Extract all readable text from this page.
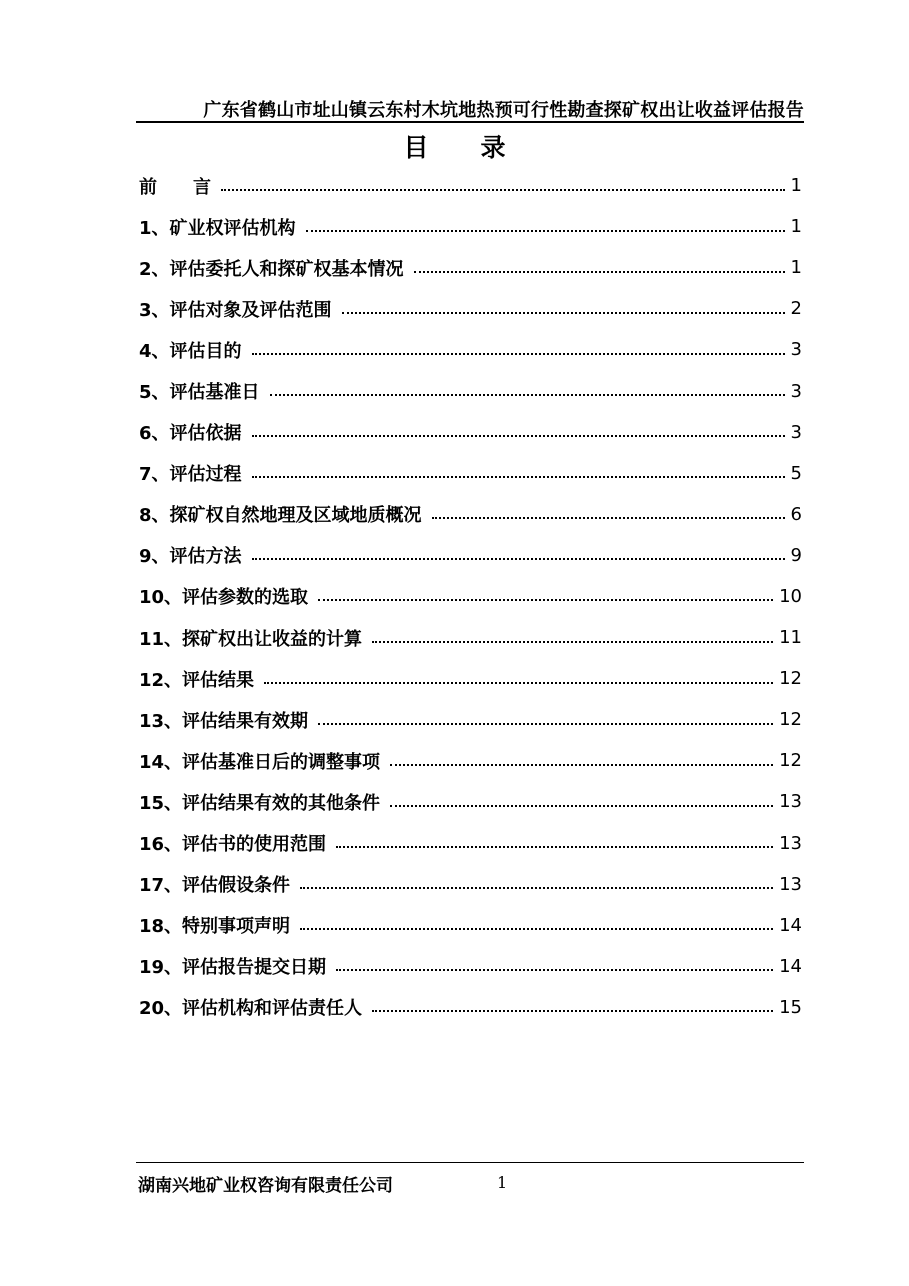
广东省鹤山市址山镇云东村木坑地热预可行性勘查探矿权出让收益评估报告
目 录
前　　言	1
1、矿业权评估机构	1
2、评估委托人和探矿权基本情况	1
3、评估对象及评估范围	2
4、评估目的	3
5、评估基准日	3
6、评估依据	3
7、评估过程	5
8、探矿权自然地理及区域地质概况	6
9、评估方法	9
10、评估参数的选取	10
11、探矿权出让收益的计算	11
12、评估结果	12
13、评估结果有效期	12
14、评估基准日后的调整事项	12
15、评估结果有效的其他条件	13
16、评估书的使用范围	13
17、评估假设条件	13
18、特别事项声明	14
19、评估报告提交日期	14
20、评估机构和评估责任人	15
湖南兴地矿业权咨询有限责任公司	1
